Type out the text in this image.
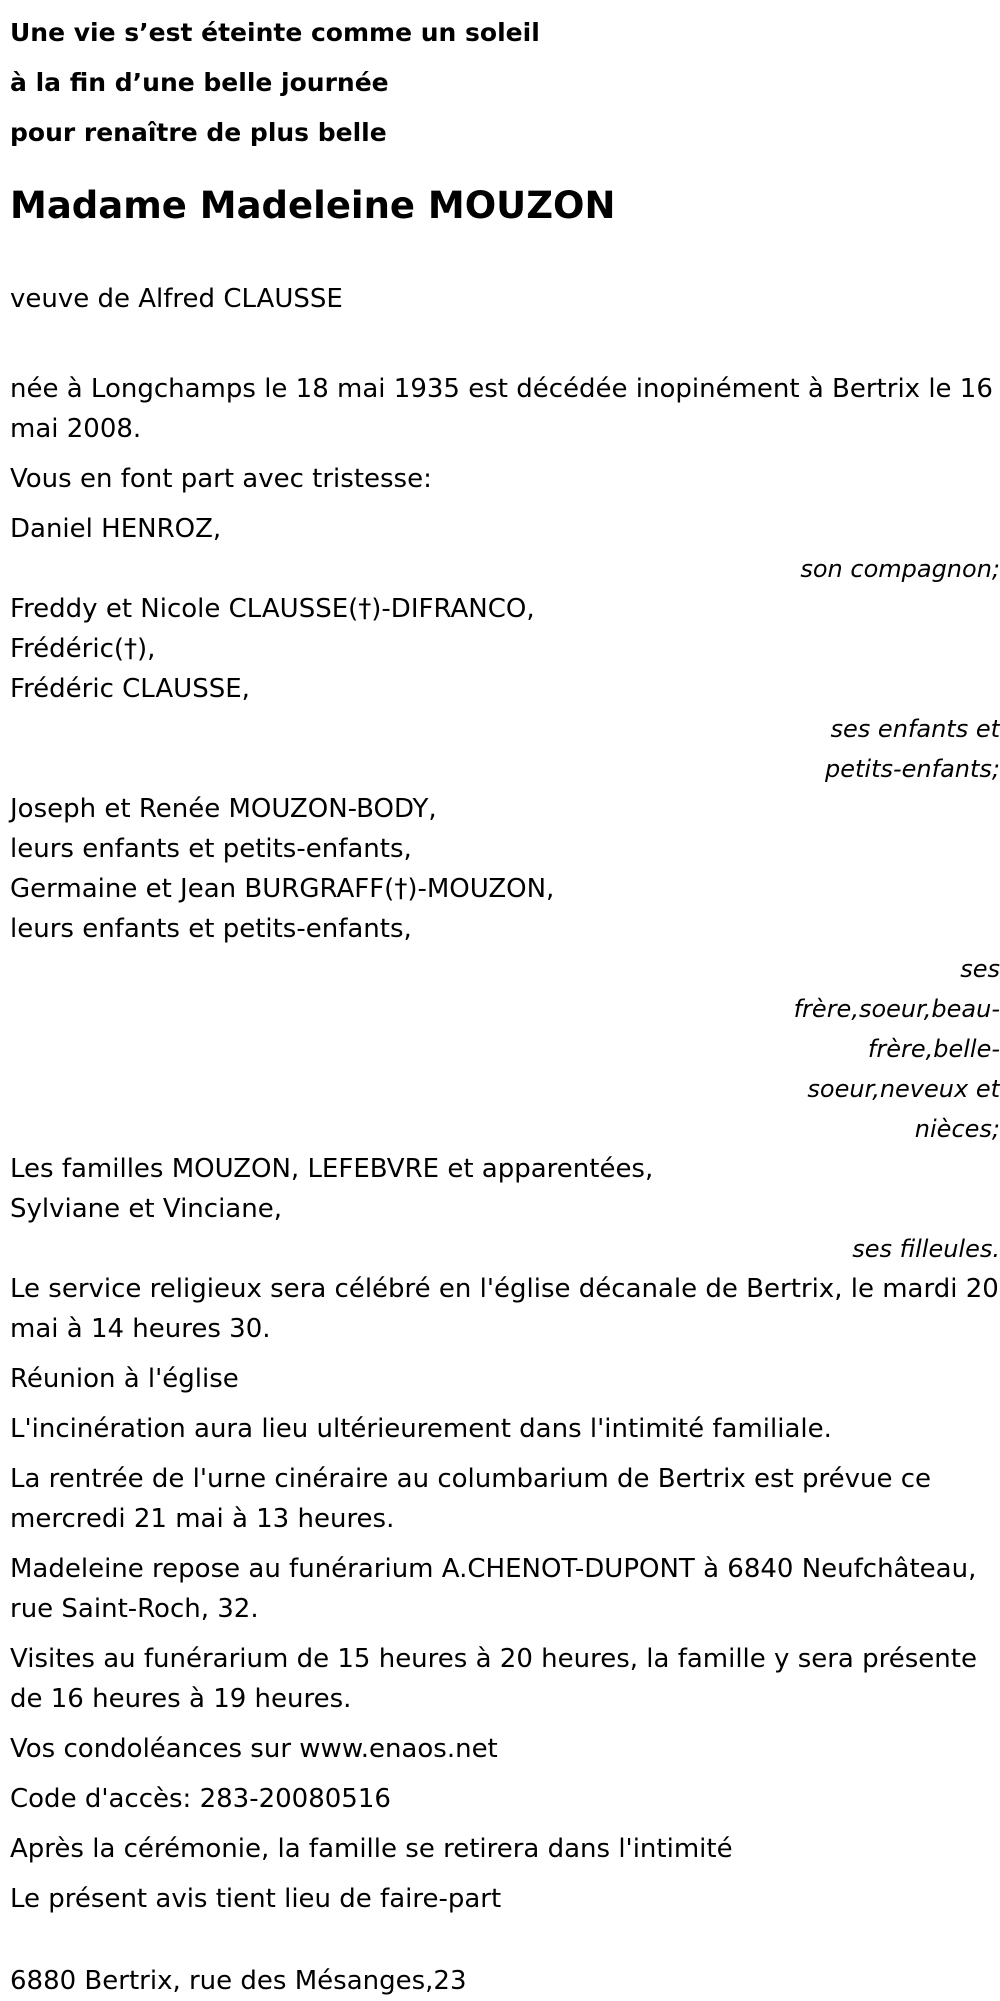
Une vie s’est éteinte comme un soleil

à la fin d’une belle journée

pour renaître de plus belle

Madame Madeleine MOUZON

veuve de Alfred CLAUSSE

née à Longchamps le 18 mai 1935 est décédée inopinément à Bertrix le 16 mai 2008.

Vous en font part avec tristesse:

Daniel HENROZ,

son compagnon;

Freddy et Nicole CLAUSSE(†)-DIFRANCO,
Frédéric(†),
Frédéric CLAUSSE,

ses enfants et petits-enfants;

Joseph et Renée MOUZON-BODY,
leurs enfants et petits-enfants,
Germaine et Jean BURGRAFF(†)-MOUZON,
leurs enfants et petits-enfants,

ses frère,soeur,beau-frère,belle-soeur,neveux et nièces;

Les familles MOUZON, LEFEBVRE et apparentées,
Sylviane et Vinciane,

ses filleules.

Le service religieux sera célébré en l'église décanale de Bertrix, le mardi 20 mai à 14 heures 30.

Réunion à l'église

L'incinération aura lieu ultérieurement dans l'intimité familiale.

La rentrée de l'urne cinéraire au columbarium de Bertrix est prévue ce mercredi 21 mai à 13 heures.

Madeleine repose au funérarium A.CHENOT-DUPONT à 6840 Neufchâteau, rue Saint-Roch, 32.

Visites au funérarium de 15 heures à 20 heures, la famille y sera présente de 16 heures à 19 heures.

Vos condoléances sur www.enaos.net

Code d'accès: 283-20080516

Après la cérémonie, la famille se retirera dans l'intimité

Le présent avis tient lieu de faire-part

6880 Bertrix, rue des Mésanges,23
